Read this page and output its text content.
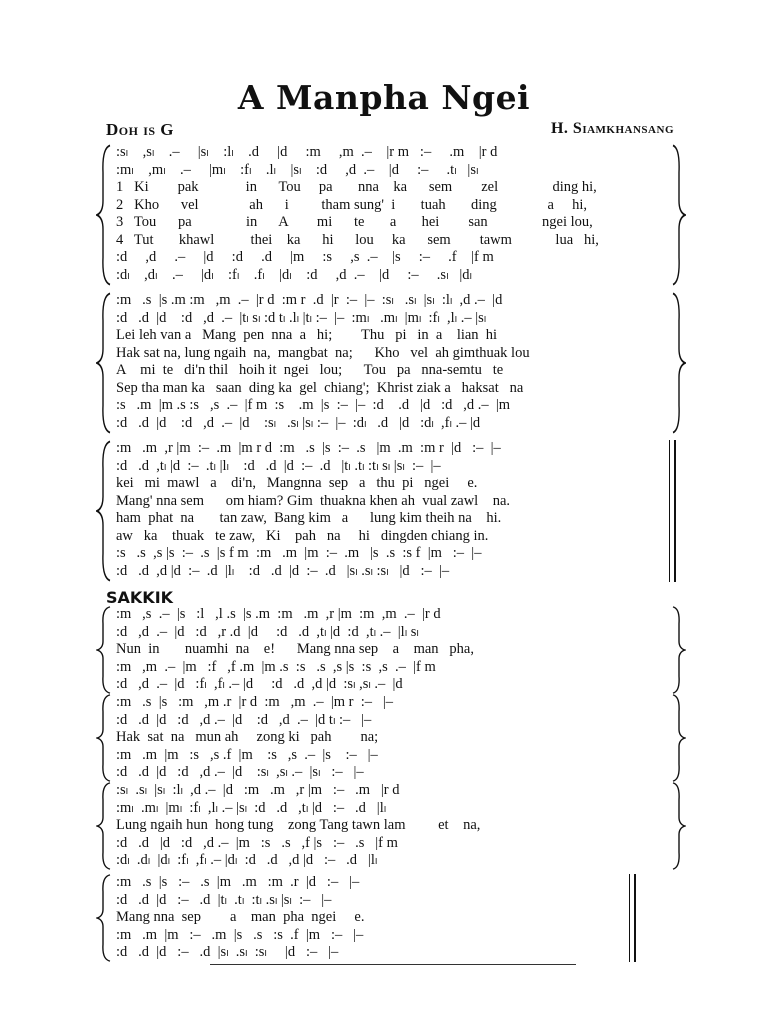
A Manpha Ngei
Doh is G	H. Siamkhansang
SAKKIK
:sₗ    ,sₗ    .–     |sₗ    :lₗ    .d     |d     :m     ,m  .–    |r m   :–     .m    |r d
:mₗ    ,mₗ    .–     |mₗ    :fₗ    .lₗ    |sₗ    :d     ,d  .–    |d     :–     .tₗ   |sₗ
1   Ki        pak             in      Tou     pa       nna    ka      sem        zel               ding hi,
2   Kho      vel              ah      i         tham sung'  i       tuah       ding              a     hi,
3   Tou      pa               in      A        mi      te       a       hei        san               ngei lou,
4   Tut       khawl          thei    ka      hi      lou     ka      sem        tawm            lua   hi,
:d     ,d     .–     |d     :d     .d     |m     :s     ,s  .–    |s     :–     .f    |f m
:dₗ    ,dₗ    .–     |dₗ    :fₗ    .fₗ    |dₗ    :d     ,d  .–    |d     :–     .sₗ   |dₗ
:m   .s  |s .m :m   ,m  .–  |r d  :m r  .d  |r  :–  |–  :sₗ   .sₗ  |sₗ  :lₗ  ,d .–  |d
:d   .d  |d    :d   ,d  .–  |tₗ sₗ :d tₗ .lₗ |tₗ :–  |–  :mₗ   .mₗ  |mₗ  :fₗ  ,lₗ .– |sₗ
Lei leh van a   Mang  pen  nna  a   hi;        Thu   pi   in  a    lian  hi
Hak sat na, lung ngaih  na,  mangbat  na;      Kho   vel  ah gimthuak lou
A    mi  te   di'n thil   hoih it  ngei   lou;      Tou   pa   nna-semtu   te
Sep tha man ka   saan  ding ka  gel  chiang';  Khrist ziak a   haksat   na
:s   .m  |m .s :s   ,s  .–  |f m  :s    .m  |s  :–  |–  :d    .d   |d   :d   ,d .–  |m
:d   .d  |d    :d   ,d  .–  |d    :sₗ   .sₗ |sₗ :–  |–  :dₗ   .d   |d   :dₗ  ,fₗ .– |d
:m   .m  ,r |m  :–  .m  |m r d  :m   .s  |s  :–  .s   |m  .m  :m r  |d   :–  |–
:d   .d  ,tₗ |d  :–  .tₗ |lₗ    :d   .d  |d  :–  .d   |tₗ .tₗ :tₗ sₗ |sₗ  :–  |–
kei   mi  mawl   a    di'n,   Mangnna  sep   a   thu  pi   ngei     e.
Mang' nna sem      om hiam? Gim  thuaknа khen ah  vual zawl    na.
ham  phat  na       tan zaw,  Bang kim   a      lung kim theih na    hi.
aw   ka    thuak   te zaw,   Ki    pah   na     hi   dingden chiang in.
:s   .s  ,s |s  :–  .s  |s f m  :m   .m  |m  :–  .m   |s  .s  :s f  |m   :–  |–
:d   .d  ,d |d  :–  .d  |lₗ    :d   .d  |d  :–  .d   |sₗ .sₗ :sₗ   |d   :–  |–
:m   ,s  .–  |s   :l   ,l .s  |s .m  :m   .m  ,r |m  :m  ,m  .–  |r d
:d   ,d  .–  |d   :d   ,r .d  |d     :d   .d  ,tₗ |d  :d  ,tₗ .–  |lₗ sₗ
Nun  in       nuamhi  na    e!      Mang nna sep    a    man   pha,
:m   ,m  .–  |m   :f   ,f .m  |m .s  :s   .s  ,s |s  :s  ,s  .–  |f m
:d   ,d  .–  |d   :fₗ  ,fₗ .– |d     :d   .d  ,d |d  :sₗ ,sₗ .–  |d
:m   .s  |s   :m   ,m .r  |r d  :m   ,m  .–  |m r  :–   |–
:d   .d  |d   :d   ,d .–  |d    :d   ,d  .–  |d tₗ :–   |–
Hak  sat  na   mun ah     zong ki   pah        na;
:m   .m  |m   :s   ,s .f  |m    :s   ,s  .–  |s    :–   |–
:d   .d  |d   :d   ,d .–  |d    :sₗ  ,sₗ .–  |sₗ   :–   |–
:sₗ  .sₗ  |sₗ  :lₗ  ,d .–  |d   :m   .m   ,r |m   :–   .m   |r d
:mₗ  .mₗ  |mₗ  :fₗ  ,lₗ .– |sₗ  :d   .d   ,tₗ |d   :–   .d   |lₗ
Lung ngaih hun  hong tung    zong Tang tawn lam         et    na,
:d   .d   |d   :d   ,d .–  |m   :s   .s   ,f |s   :–   .s   |f m
:dₗ  .dₗ  |dₗ  :fₗ  ,fₗ .– |dₗ  :d   .d   ,d |d   :–   .d   |lₗ
:m   .s  |s   :–   .s  |m   .m   :m  .r  |d   :–   |–
:d   .d  |d   :–   .d  |tₗ  .tₗ  :tₗ .sₗ |sₗ  :–   |–
Mang nna  sep        a    man  pha  ngei     e.
:m   .m  |m   :–   .m  |s   .s   :s  .f  |m   :–   |–
:d   .d  |d   :–   .d  |sₗ  .sₗ  :sₗ     |d   :–   |–
